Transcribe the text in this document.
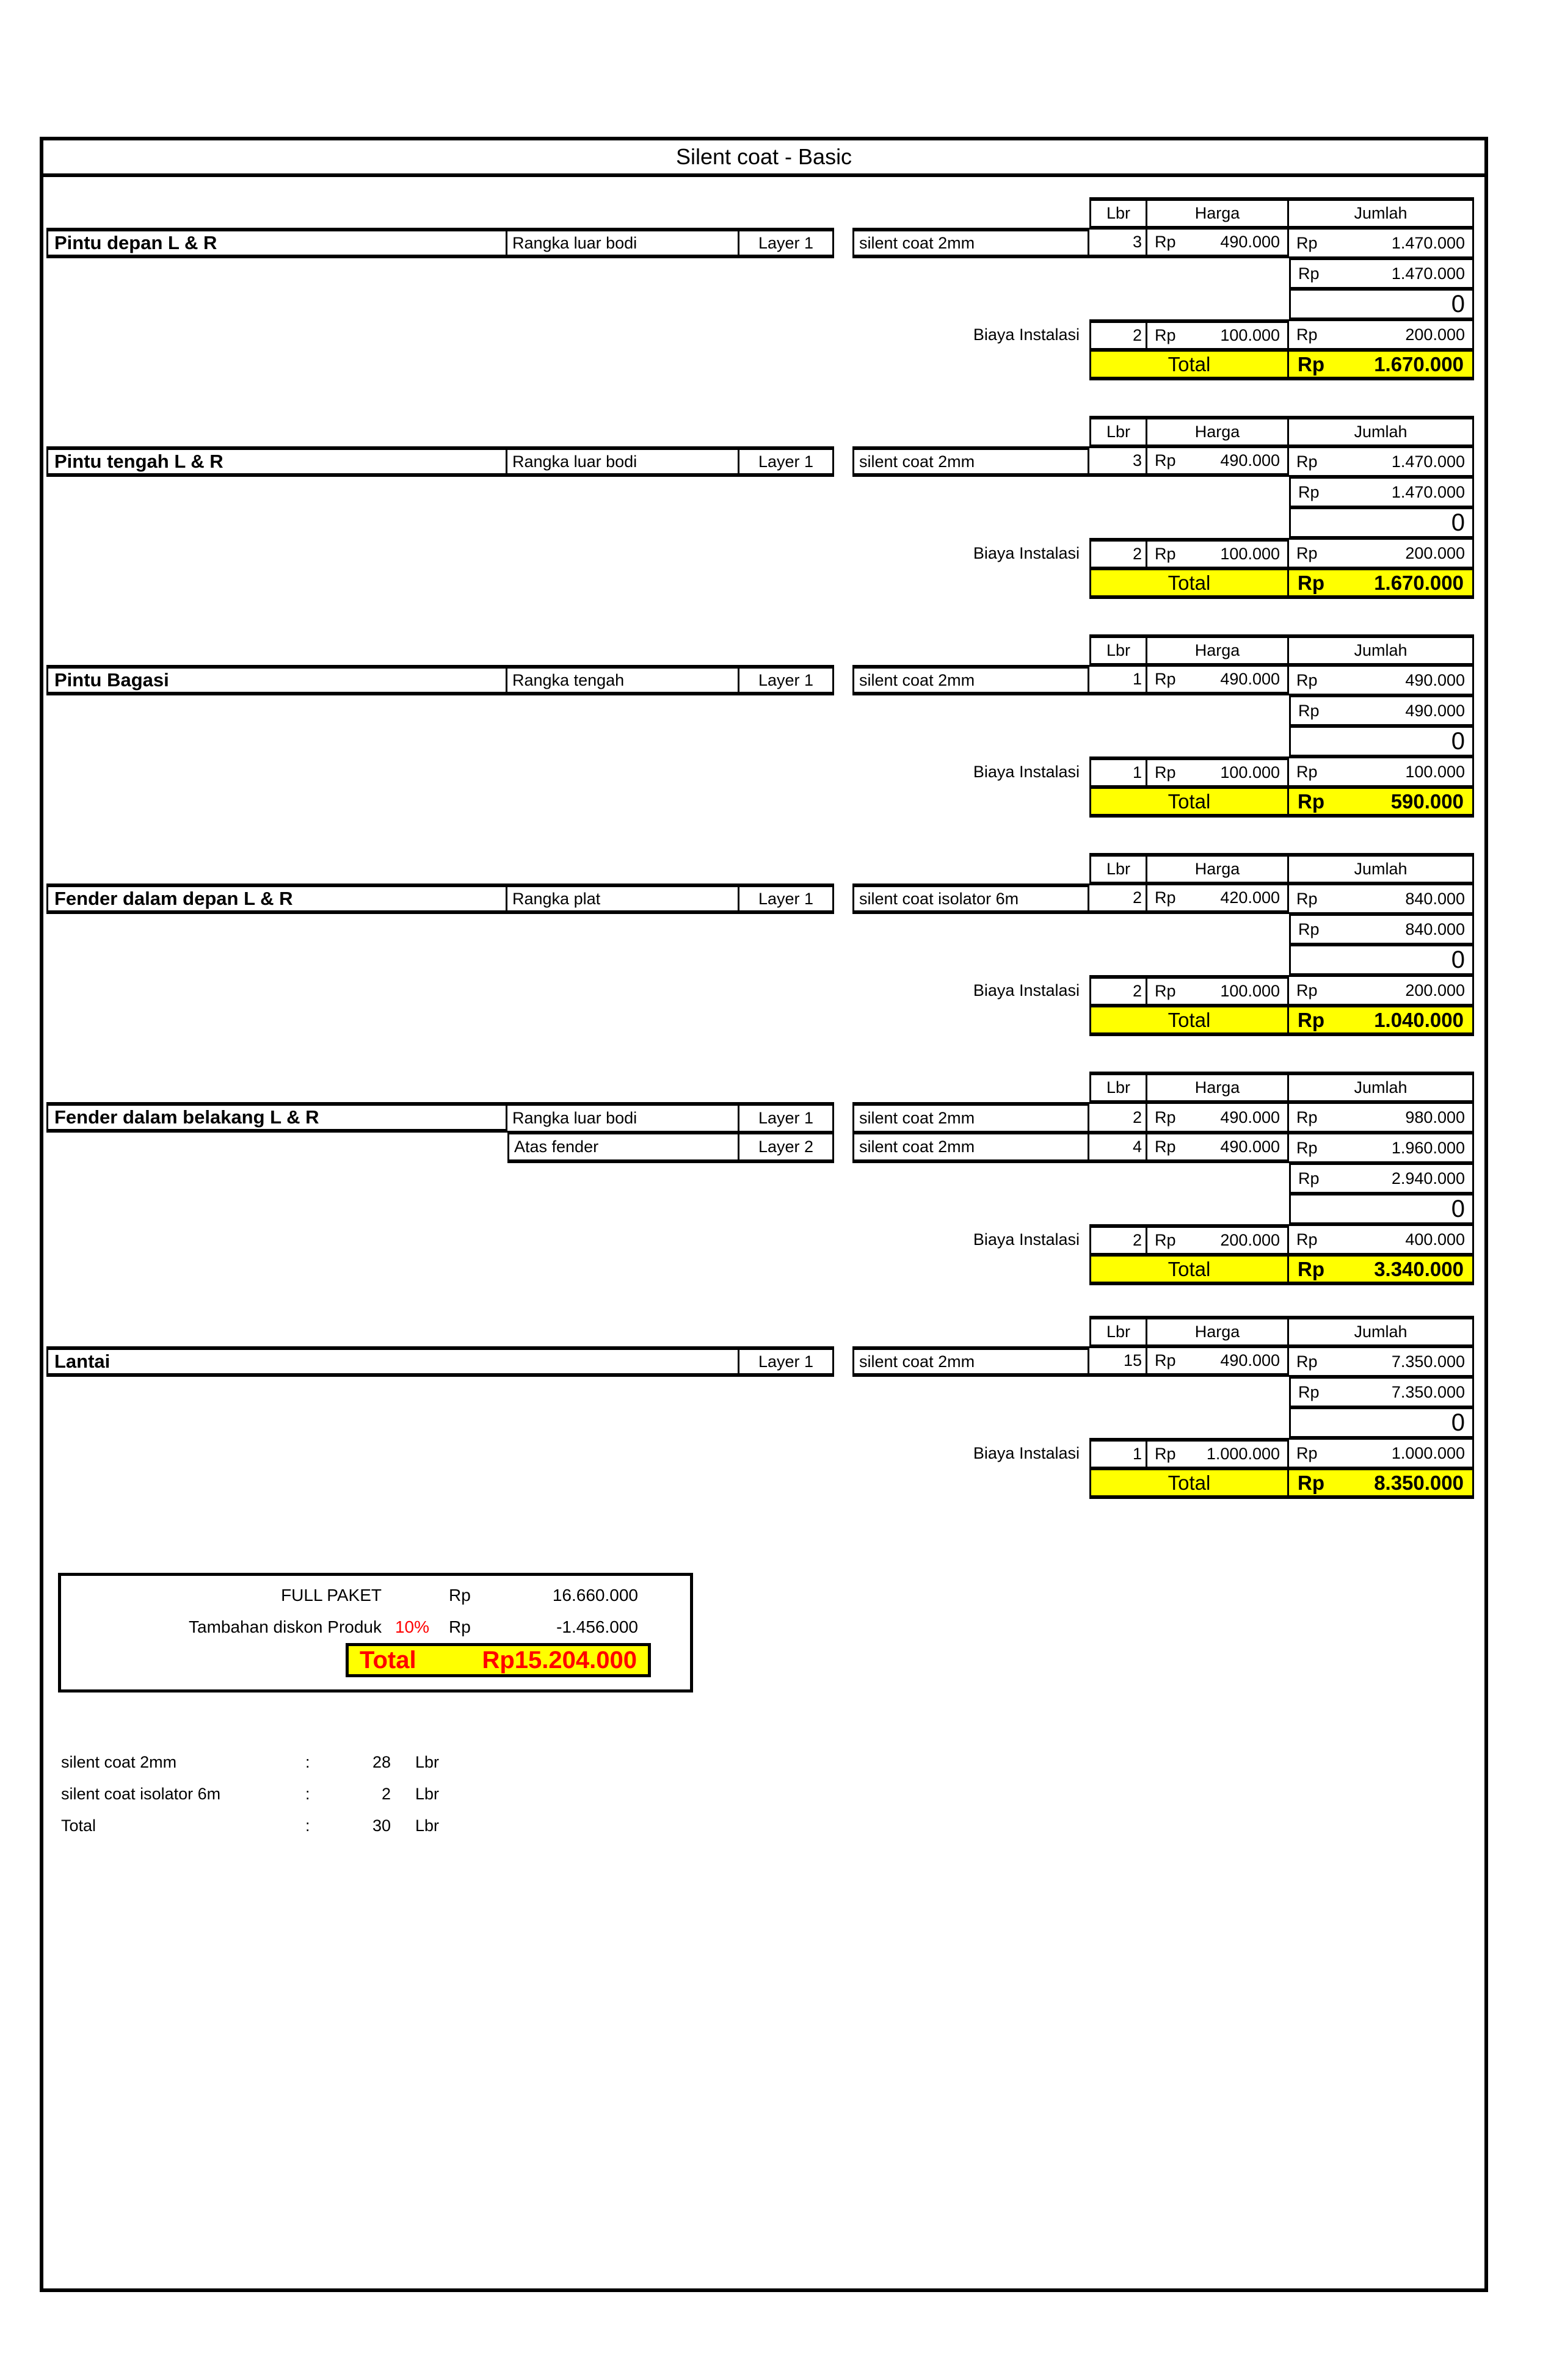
Silent coat - Basic
Lbr	Harga	Jumlah
Pintu depan L & R	Rangka luar bodi	Layer 1	silent coat 2mm	3 Rp	490.000 Rp	1.470.000
Rp	1.470.000
0
Biaya Instalasi	2 Rp	100.000 Rp	200.000
Total	Rp 1.670.000
Lbr	Harga	Jumlah
Pintu tengah L & R	Rangka luar bodi	Layer 1	silent coat 2mm	3 Rp	490.000 Rp	1.470.000
Rp	1.470.000
0
Biaya Instalasi	2 Rp	100.000 Rp	200.000
Total	Rp 1.670.000
Lbr	Harga	Jumlah
Pintu Bagasi	Rangka tengah	Layer 1	silent coat 2mm	1 Rp	490.000 Rp	490.000
Rp	490.000
0
Biaya Instalasi	1 Rp	100.000 Rp	100.000
Total	Rp	590.000
Lbr	Harga	Jumlah
Fender dalam depan L & R	Rangka plat	Layer 1	silent coat isolator 6m	2 Rp	420.000 Rp	840.000
Rp	840.000
0
Biaya Instalasi	2 Rp	100.000 Rp	200.000
Total	Rp 1.040.000
Lbr	Harga	Jumlah
Fender dalam belakang L & R	Rangka luar bodi	Layer 1	silent coat 2mm	2 Rp	490.000 Rp	980.000
Atas fender	Layer 2	silent coat 2mm	4 Rp	490.000 Rp	1.960.000
Rp	2.940.000
0
Biaya Instalasi	2 Rp	200.000 Rp	400.000
Total	Rp 3.340.000
Lbr	Harga	Jumlah
Lantai	Layer 1	silent coat 2mm	15 Rp	490.000 Rp	7.350.000
Rp	7.350.000
0
Biaya Instalasi	1 Rp 1.000.000 Rp	1.000.000
Total	Rp 8.350.000
FULL PAKET	Rp	16.660.000
Tambahan diskon Produk 10%	Rp	-1.456.000
Total	Rp15.204.000
silent coat 2mm	:	28	Lbr
silent coat isolator 6m	:	2	Lbr
Total	:	30	Lbr
